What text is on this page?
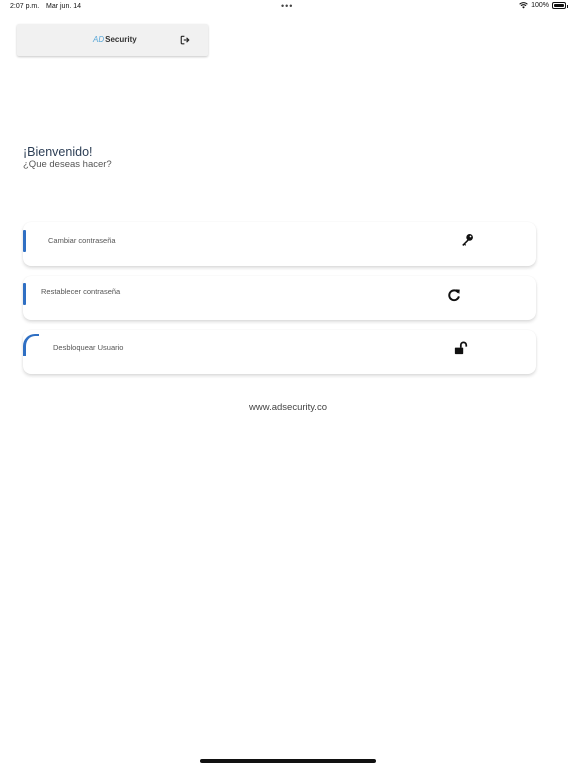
2:07 p.m. Mar jun. 14	•••	100%
AD Security
¡Bienvenido!
¿Que deseas hacer?
Cambiar contraseña
Restablecer contraseña
Desbloquear Usuario
www.adsecurity.co
